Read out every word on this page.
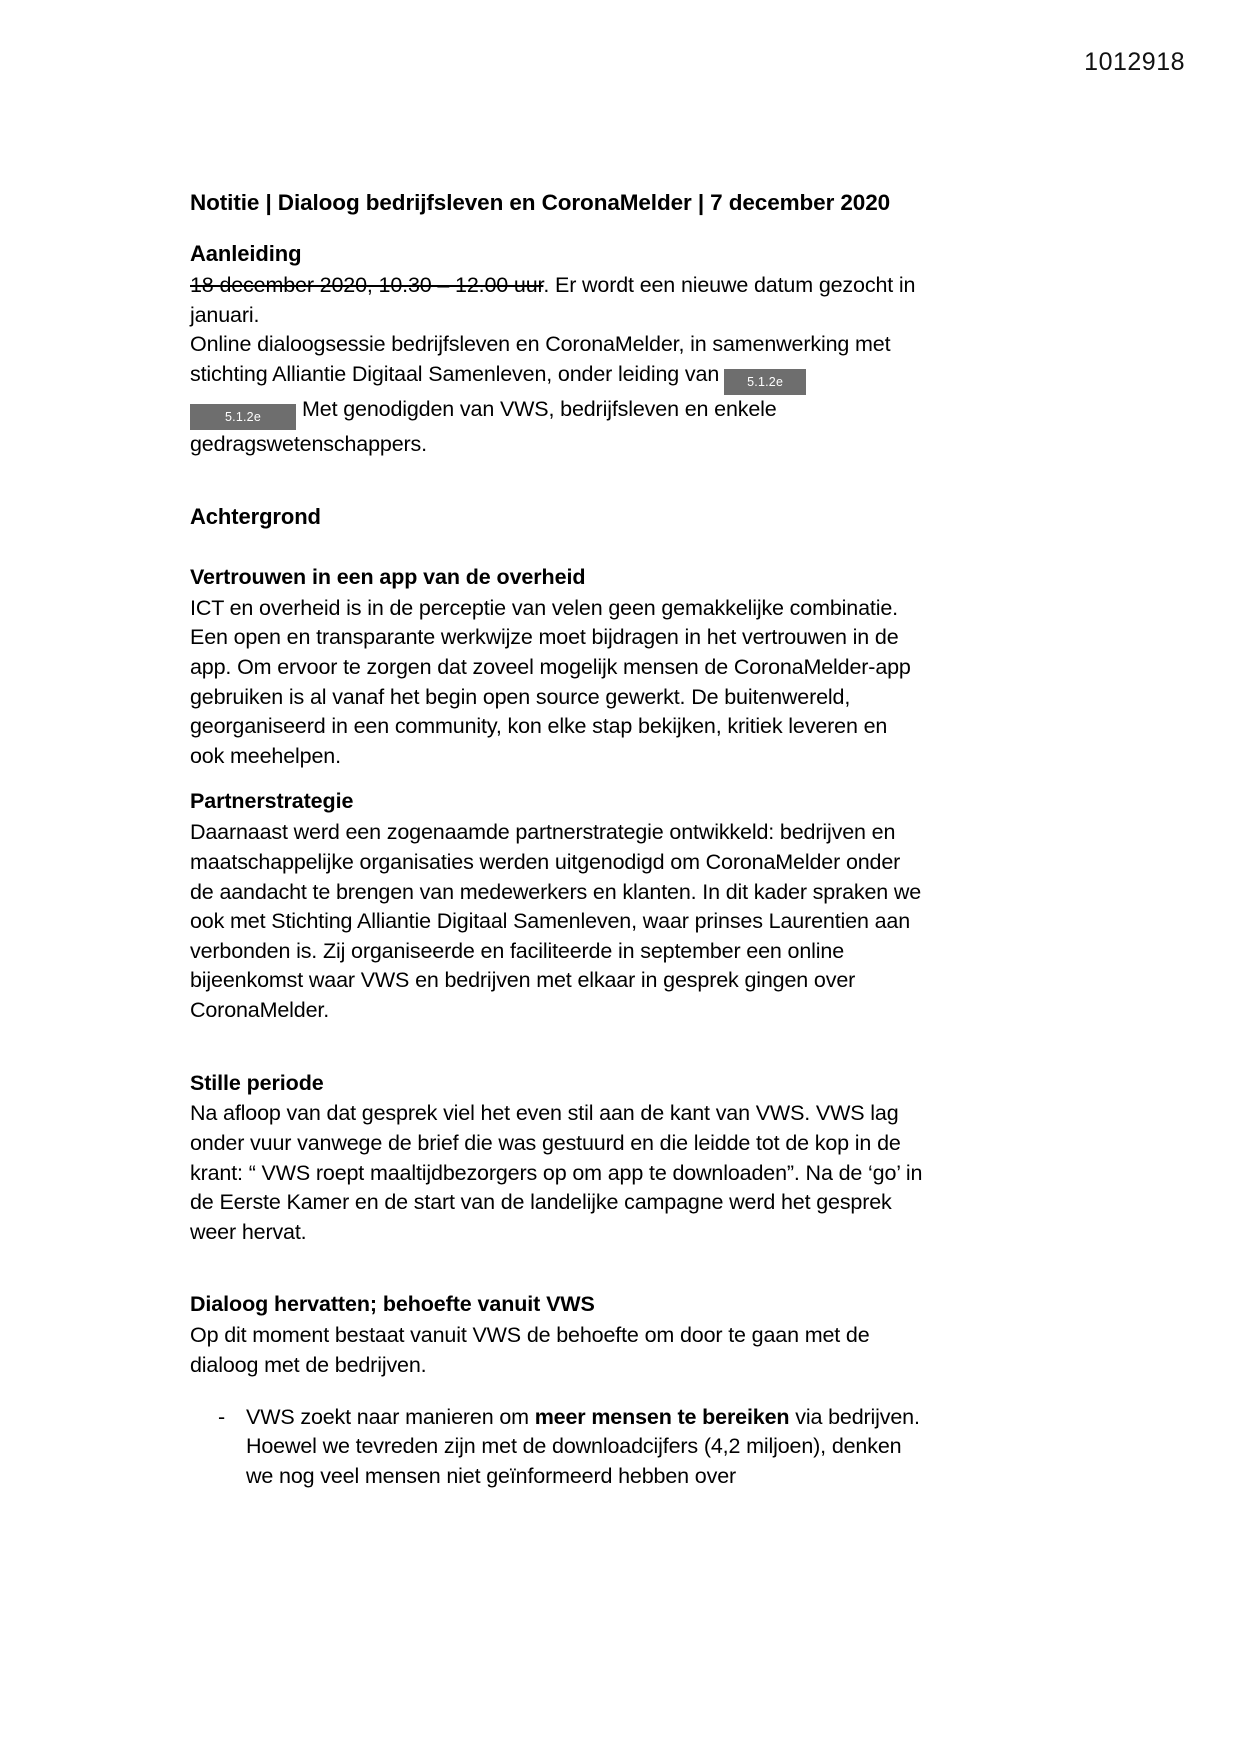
1012918
Notitie | Dialoog bedrijfsleven en CoronaMelder | 7 december 2020
Aanleiding

18 december 2020, 10.30 – 12.00 uur. Er wordt een nieuwe datum gezocht in januari.

Online dialoogsessie bedrijfsleven en CoronaMelder, in samenwerking met stichting Alliantie Digitaal Samenleven, onder leiding van 5.1.2e
5.1.2e Met genodigden van VWS, bedrijfsleven en enkele gedragswetenschappers.

Achtergrond
Vertrouwen in een app van de overheid

ICT en overheid is in de perceptie van velen geen gemakkelijke combinatie. Een open en transparante werkwijze moet bijdragen in het vertrouwen in de app. Om ervoor te zorgen dat zoveel mogelijk mensen de CoronaMelder-app gebruiken is al vanaf het begin open source gewerkt. De buitenwereld, georganiseerd in een community, kon elke stap bekijken, kritiek leveren en ook meehelpen.

Partnerstrategie

Daarnaast werd een zogenaamde partnerstrategie ontwikkeld: bedrijven en maatschappelijke organisaties werden uitgenodigd om CoronaMelder onder de aandacht te brengen van medewerkers en klanten. In dit kader spraken we ook met Stichting Alliantie Digitaal Samenleven, waar prinses Laurentien aan verbonden is. Zij organiseerde en faciliteerde in september een online bijeenkomst waar VWS en bedrijven met elkaar in gesprek gingen over CoronaMelder.

Stille periode

Na afloop van dat gesprek viel het even stil aan de kant van VWS. VWS lag onder vuur vanwege de brief die was gestuurd en die leidde tot de kop in de krant: “ VWS roept maaltijdbezorgers op om app te downloaden”. Na de ‘go’ in de Eerste Kamer en de start van de landelijke campagne werd het gesprek weer hervat.

Dialoog hervatten; behoefte vanuit VWS

Op dit moment bestaat vanuit VWS de behoefte om door te gaan met de dialoog met de bedrijven.

- VWS zoekt naar manieren om meer mensen te bereiken via bedrijven. Hoewel we tevreden zijn met de downloadcijfers (4,2 miljoen), denken we nog veel mensen niet geïnformeerd hebben over
